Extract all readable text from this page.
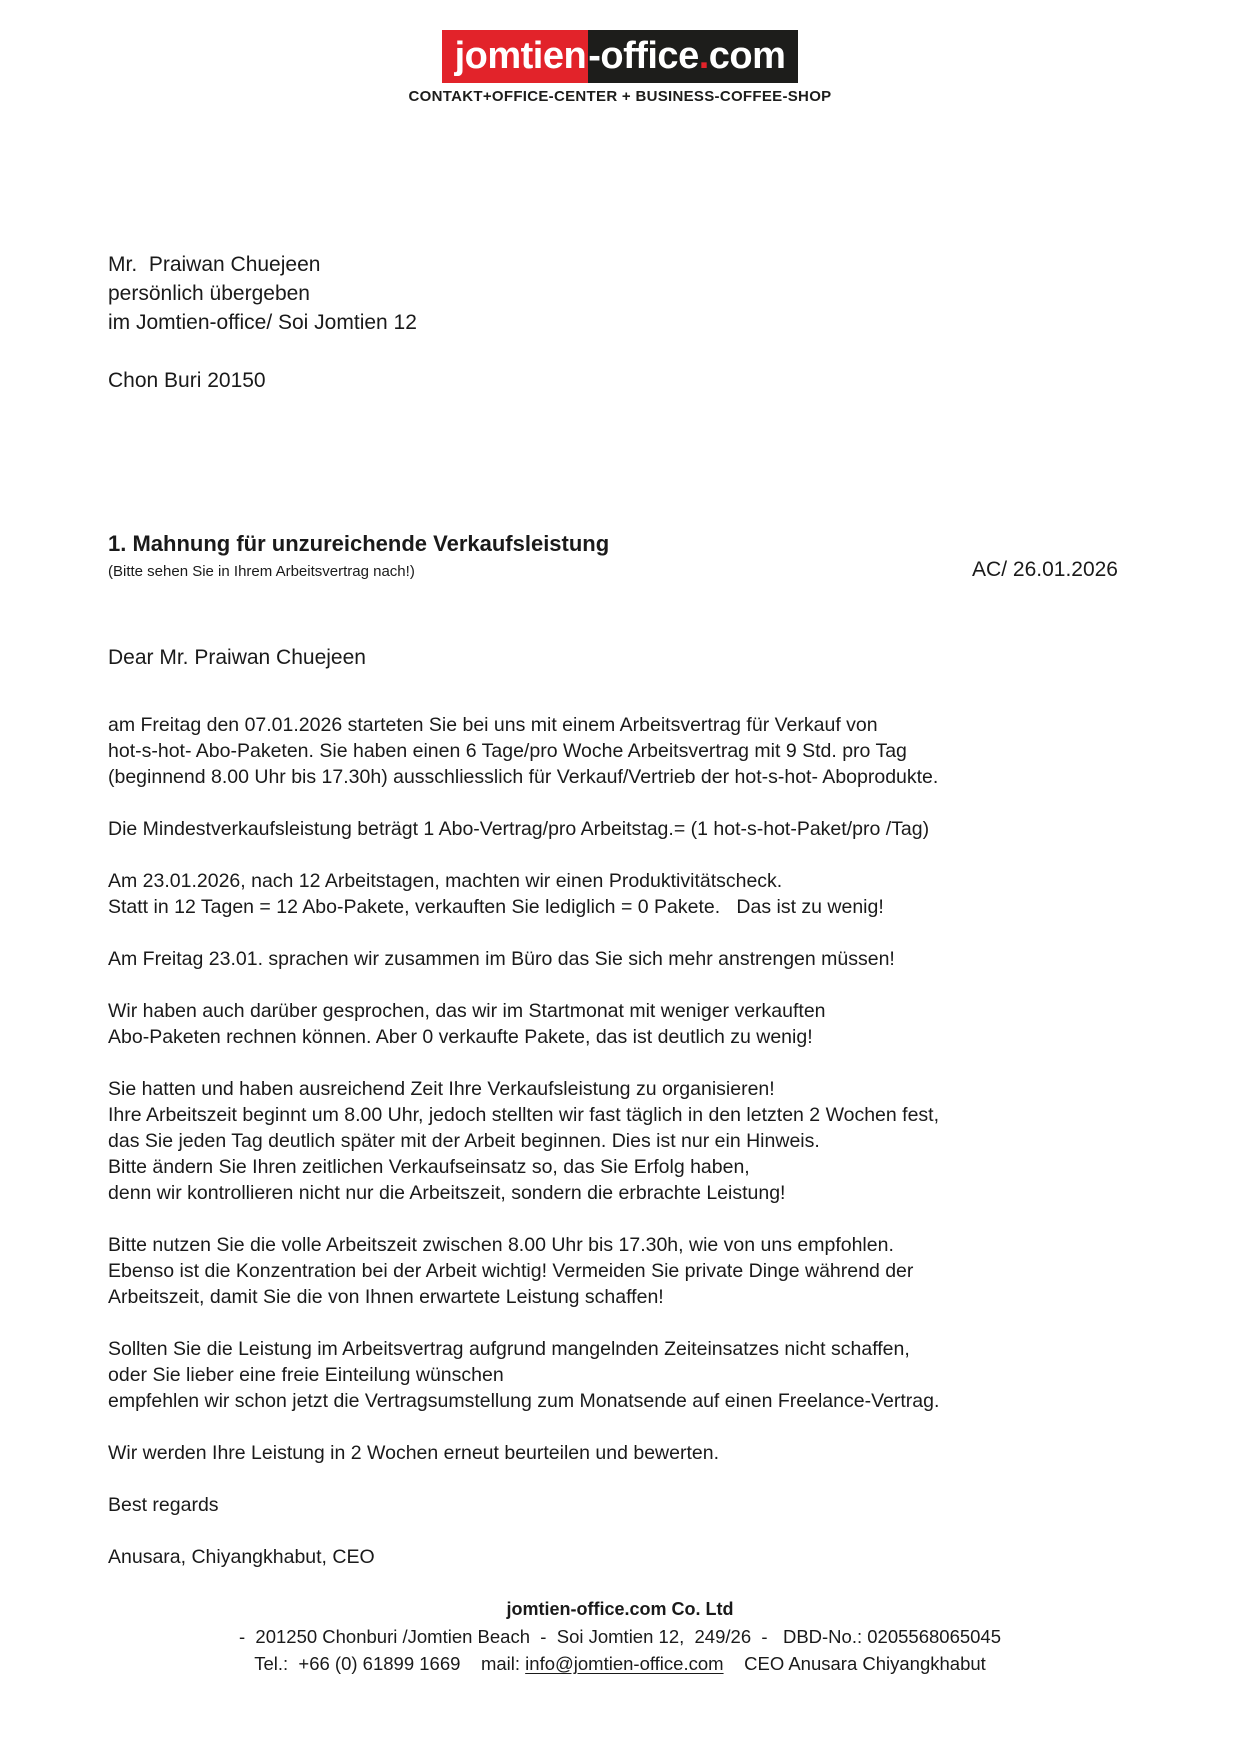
jomtien -office.com
CONTAKT+OFFICE-CENTER + BUSINESS-COFFEE-SHOP
Mr.  Praiwan Chuejeen
persönlich übergeben
im Jomtien-office/ Soi Jomtien 12
Chon Buri 20150
1. Mahnung für unzureichende Verkaufsleistung
(Bitte sehen Sie in Ihrem Arbeitsvertrag nach!)	AC/ 26.01.2026
Dear Mr. Praiwan Chuejeen
am Freitag den 07.01.2026 starteten Sie bei uns mit einem Arbeitsvertrag für Verkauf von
hot-s-hot- Abo-Paketen. Sie haben einen 6 Tage/pro Woche Arbeitsvertrag mit 9 Std. pro Tag
(beginnend 8.00 Uhr bis 17.30h) ausschliesslich für Verkauf/Vertrieb der hot-s-hot- Aboprodukte.
Die Mindestverkaufsleistung beträgt 1 Abo-Vertrag/pro Arbeitstag.= (1 hot-s-hot-Paket/pro /Tag)
Am 23.01.2026, nach 12 Arbeitstagen, machten wir einen Produktivitätscheck.
Statt in 12 Tagen = 12 Abo-Pakete, verkauften Sie lediglich = 0 Pakete.   Das ist zu wenig!
Am Freitag 23.01. sprachen wir zusammen im Büro das Sie sich mehr anstrengen müssen!
Wir haben auch darüber gesprochen, das wir im Startmonat mit weniger verkauften
Abo-Paketen rechnen können. Aber 0 verkaufte Pakete, das ist deutlich zu wenig!
Sie hatten und haben ausreichend Zeit Ihre Verkaufsleistung zu organisieren!
Ihre Arbeitszeit beginnt um 8.00 Uhr, jedoch stellten wir fast täglich in den letzten 2 Wochen fest,
das Sie jeden Tag deutlich später mit der Arbeit beginnen. Dies ist nur ein Hinweis.
Bitte ändern Sie Ihren zeitlichen Verkaufseinsatz so, das Sie Erfolg haben,
denn wir kontrollieren nicht nur die Arbeitszeit, sondern die erbrachte Leistung!
Bitte nutzen Sie die volle Arbeitszeit zwischen 8.00 Uhr bis 17.30h, wie von uns empfohlen.
Ebenso ist die Konzentration bei der Arbeit wichtig! Vermeiden Sie private Dinge während der
Arbeitszeit, damit Sie die von Ihnen erwartete Leistung schaffen!
Sollten Sie die Leistung im Arbeitsvertrag aufgrund mangelnden Zeiteinsatzes nicht schaffen,
oder Sie lieber eine freie Einteilung wünschen
empfehlen wir schon jetzt die Vertragsumstellung zum Monatsende auf einen Freelance-Vertrag.
Wir werden Ihre Leistung in 2 Wochen erneut beurteilen und bewerten.
Best regards
Anusara, Chiyangkhabut, CEO
jomtien-office.com Co. Ltd
-  201250 Chonburi /Jomtien Beach  -  Soi Jomtien 12,  249/26  -   DBD-No.: 0205568065045
Tel.:  +66 (0) 61899 1669    mail: info@jomtien-office.com    CEO Anusara Chiyangkhabut
